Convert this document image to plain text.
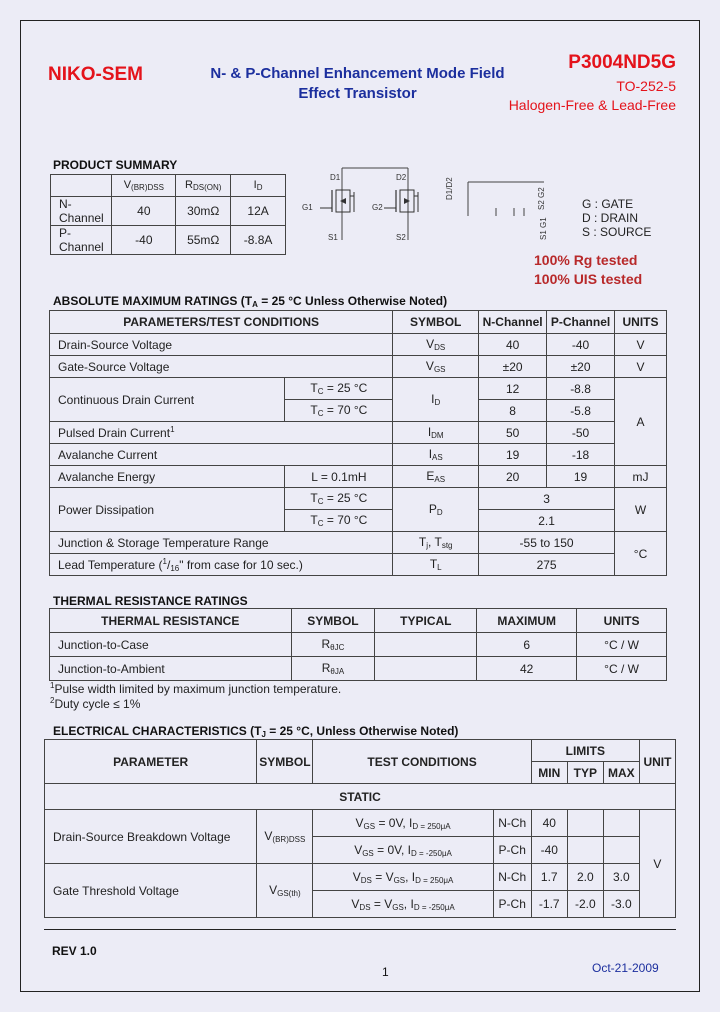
NIKO-SEM	N- & P-Channel Enhancement Mode Field
Effect Transistor
P3004ND5G
TO-252-5
Halogen-Free & Lead-Free
PRODUCT SUMMARY
	$V_{(BR)DSS}$	$R_{DS(ON)}$	$I_D$
N-Channel	40	30mΩ	12A
P-Channel	-40	55mΩ	-8.8A
D1	D2
G1	G2
S1	S2
D1/D2	S2 G2
S1 G1
G : GATE
D : DRAIN
S : SOURCE
100% Rg tested
100% UIS tested
ABSOLUTE MAXIMUM RATINGS ($T_A = 25$ °C Unless Otherwise Noted)
PARAMETERS/TEST CONDITIONS		SYMBOL	N-Channel	P-Channel	UNITS
Drain-Source Voltage		$V_{DS}$	40	-40	V
Gate-Source Voltage		$V_{GS}$	±20	±20	V
Continuous Drain Current	$T_C = 25$ °C	$I_D$	12	-8.8	A
	$T_C = 70$ °C		8	-5.8	
Pulsed Drain Current$^1$		$I_{DM}$	50	-50	
Avalanche Current		$I_{AS}$	19	-18	
Avalanche Energy	L = 0.1mH	$E_{AS}$	20	19	mJ
Power Dissipation	$T_C = 25$ °C	$P_D$	3		W
	$T_C = 70$ °C		2.1		
Junction & Storage Temperature Range		$T_j$, $T_{stg}$	-55 to 150		°C
Lead Temperature ($^1/_{16}$" from case for 10 sec.)		$T_L$	275		
THERMAL RESISTANCE RATINGS
THERMAL RESISTANCE	SYMBOL	TYPICAL	MAXIMUM	UNITS
Junction-to-Case	$R_{\theta JC}$		6	°C / W
Junction-to-Ambient	$R_{\theta JA}$		42	°C / W
$^1$Pulse width limited by maximum junction temperature.
$^2$Duty cycle ≤ 1%
ELECTRICAL CHARACTERISTICS ($T_J = 25$ °C, Unless Otherwise Noted)
PARAMETER	SYMBOL	TEST CONDITIONS		LIMITS			UNIT
				MIN	TYP	MAX	
STATIC							
Drain-Source Breakdown Voltage	$V_{(BR)DSS}$	$V_{GS} = 0V$, $I_{D = 250\mu A}$	N-Ch	40			V
		$V_{GS} = 0V$, $I_{D = -250\mu A}$	P-Ch	-40			
Gate Threshold Voltage	$V_{GS(th)}$	$V_{DS} = V_{GS}$, $I_{D = 250\mu A}$	N-Ch	1.7	2.0	3.0	
		$V_{DS} = V_{GS}$, $I_{D = -250\mu A}$	P-Ch	-1.7	-2.0	-3.0	
REV 1.0
1	Oct-21-2009
